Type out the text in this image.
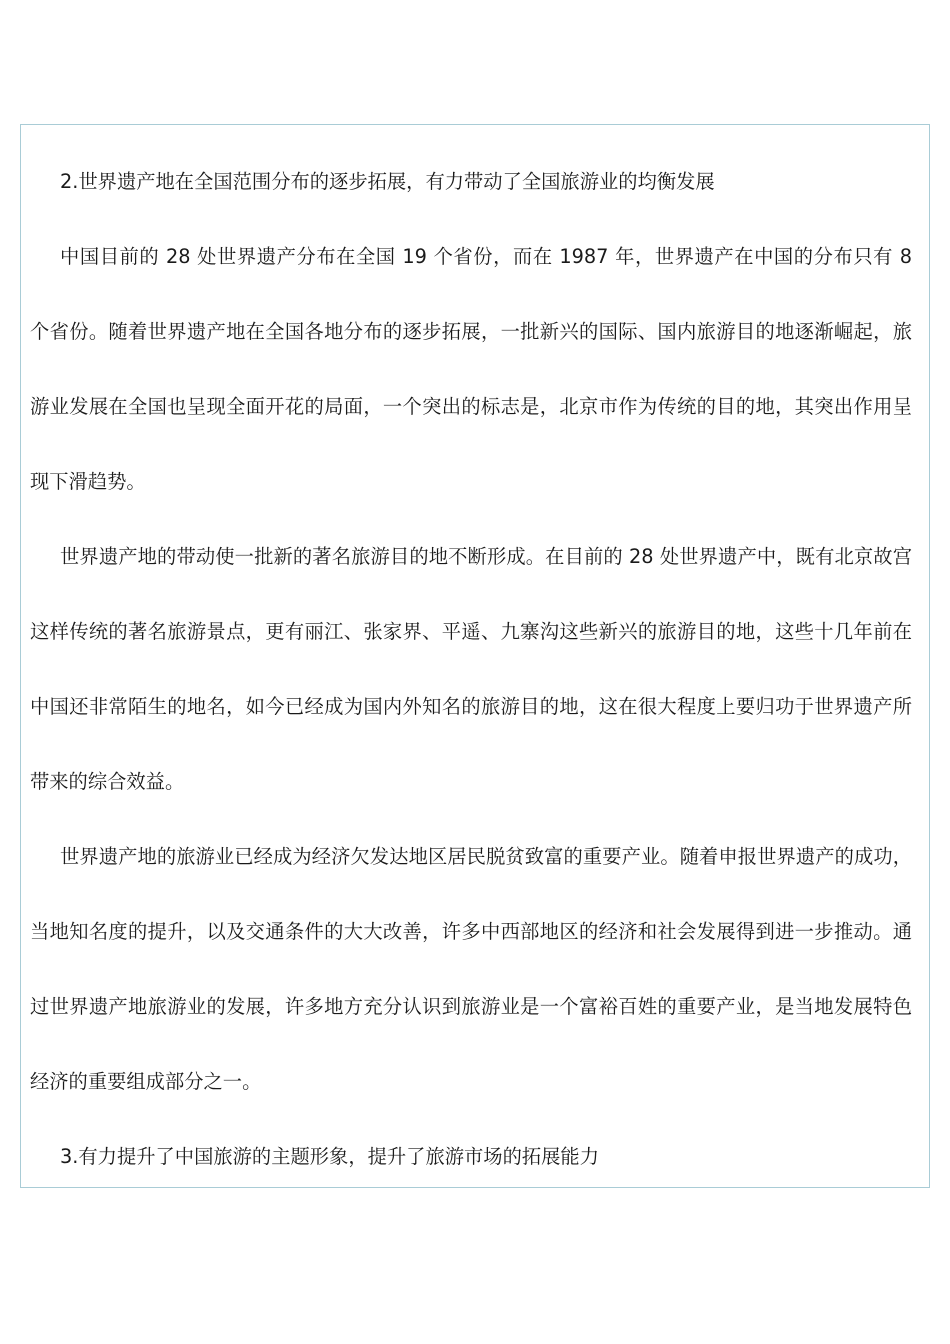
2.世界遗产地在全国范围分布的逐步拓展，有力带动了全国旅游业的均衡发展

中国目前的 28 处世界遗产分布在全国 19 个省份，而在 1987 年，世界遗产在中国的分布只有 8 个省份。随着世界遗产地在全国各地分布的逐步拓展，一批新兴的国际、国内旅游目的地逐渐崛起，旅游业发展在全国也呈现全面开花的局面，一个突出的标志是，北京市作为传统的目的地，其突出作用呈现下滑趋势。

世界遗产地的带动使一批新的著名旅游目的地不断形成。在目前的 28 处世界遗产中，既有北京故宫这样传统的著名旅游景点，更有丽江、张家界、平遥、九寨沟这些新兴的旅游目的地，这些十几年前在中国还非常陌生的地名，如今已经成为国内外知名的旅游目的地，这在很大程度上要归功于世界遗产所带来的综合效益。

世界遗产地的旅游业已经成为经济欠发达地区居民脱贫致富的重要产业。随着申报世界遗产的成功，当地知名度的提升，以及交通条件的大大改善，许多中西部地区的经济和社会发展得到进一步推动。通过世界遗产地旅游业的发展，许多地方充分认识到旅游业是一个富裕百姓的重要产业，是当地发展特色经济的重要组成部分之一。

3.有力提升了中国旅游的主题形象，提升了旅游市场的拓展能力
